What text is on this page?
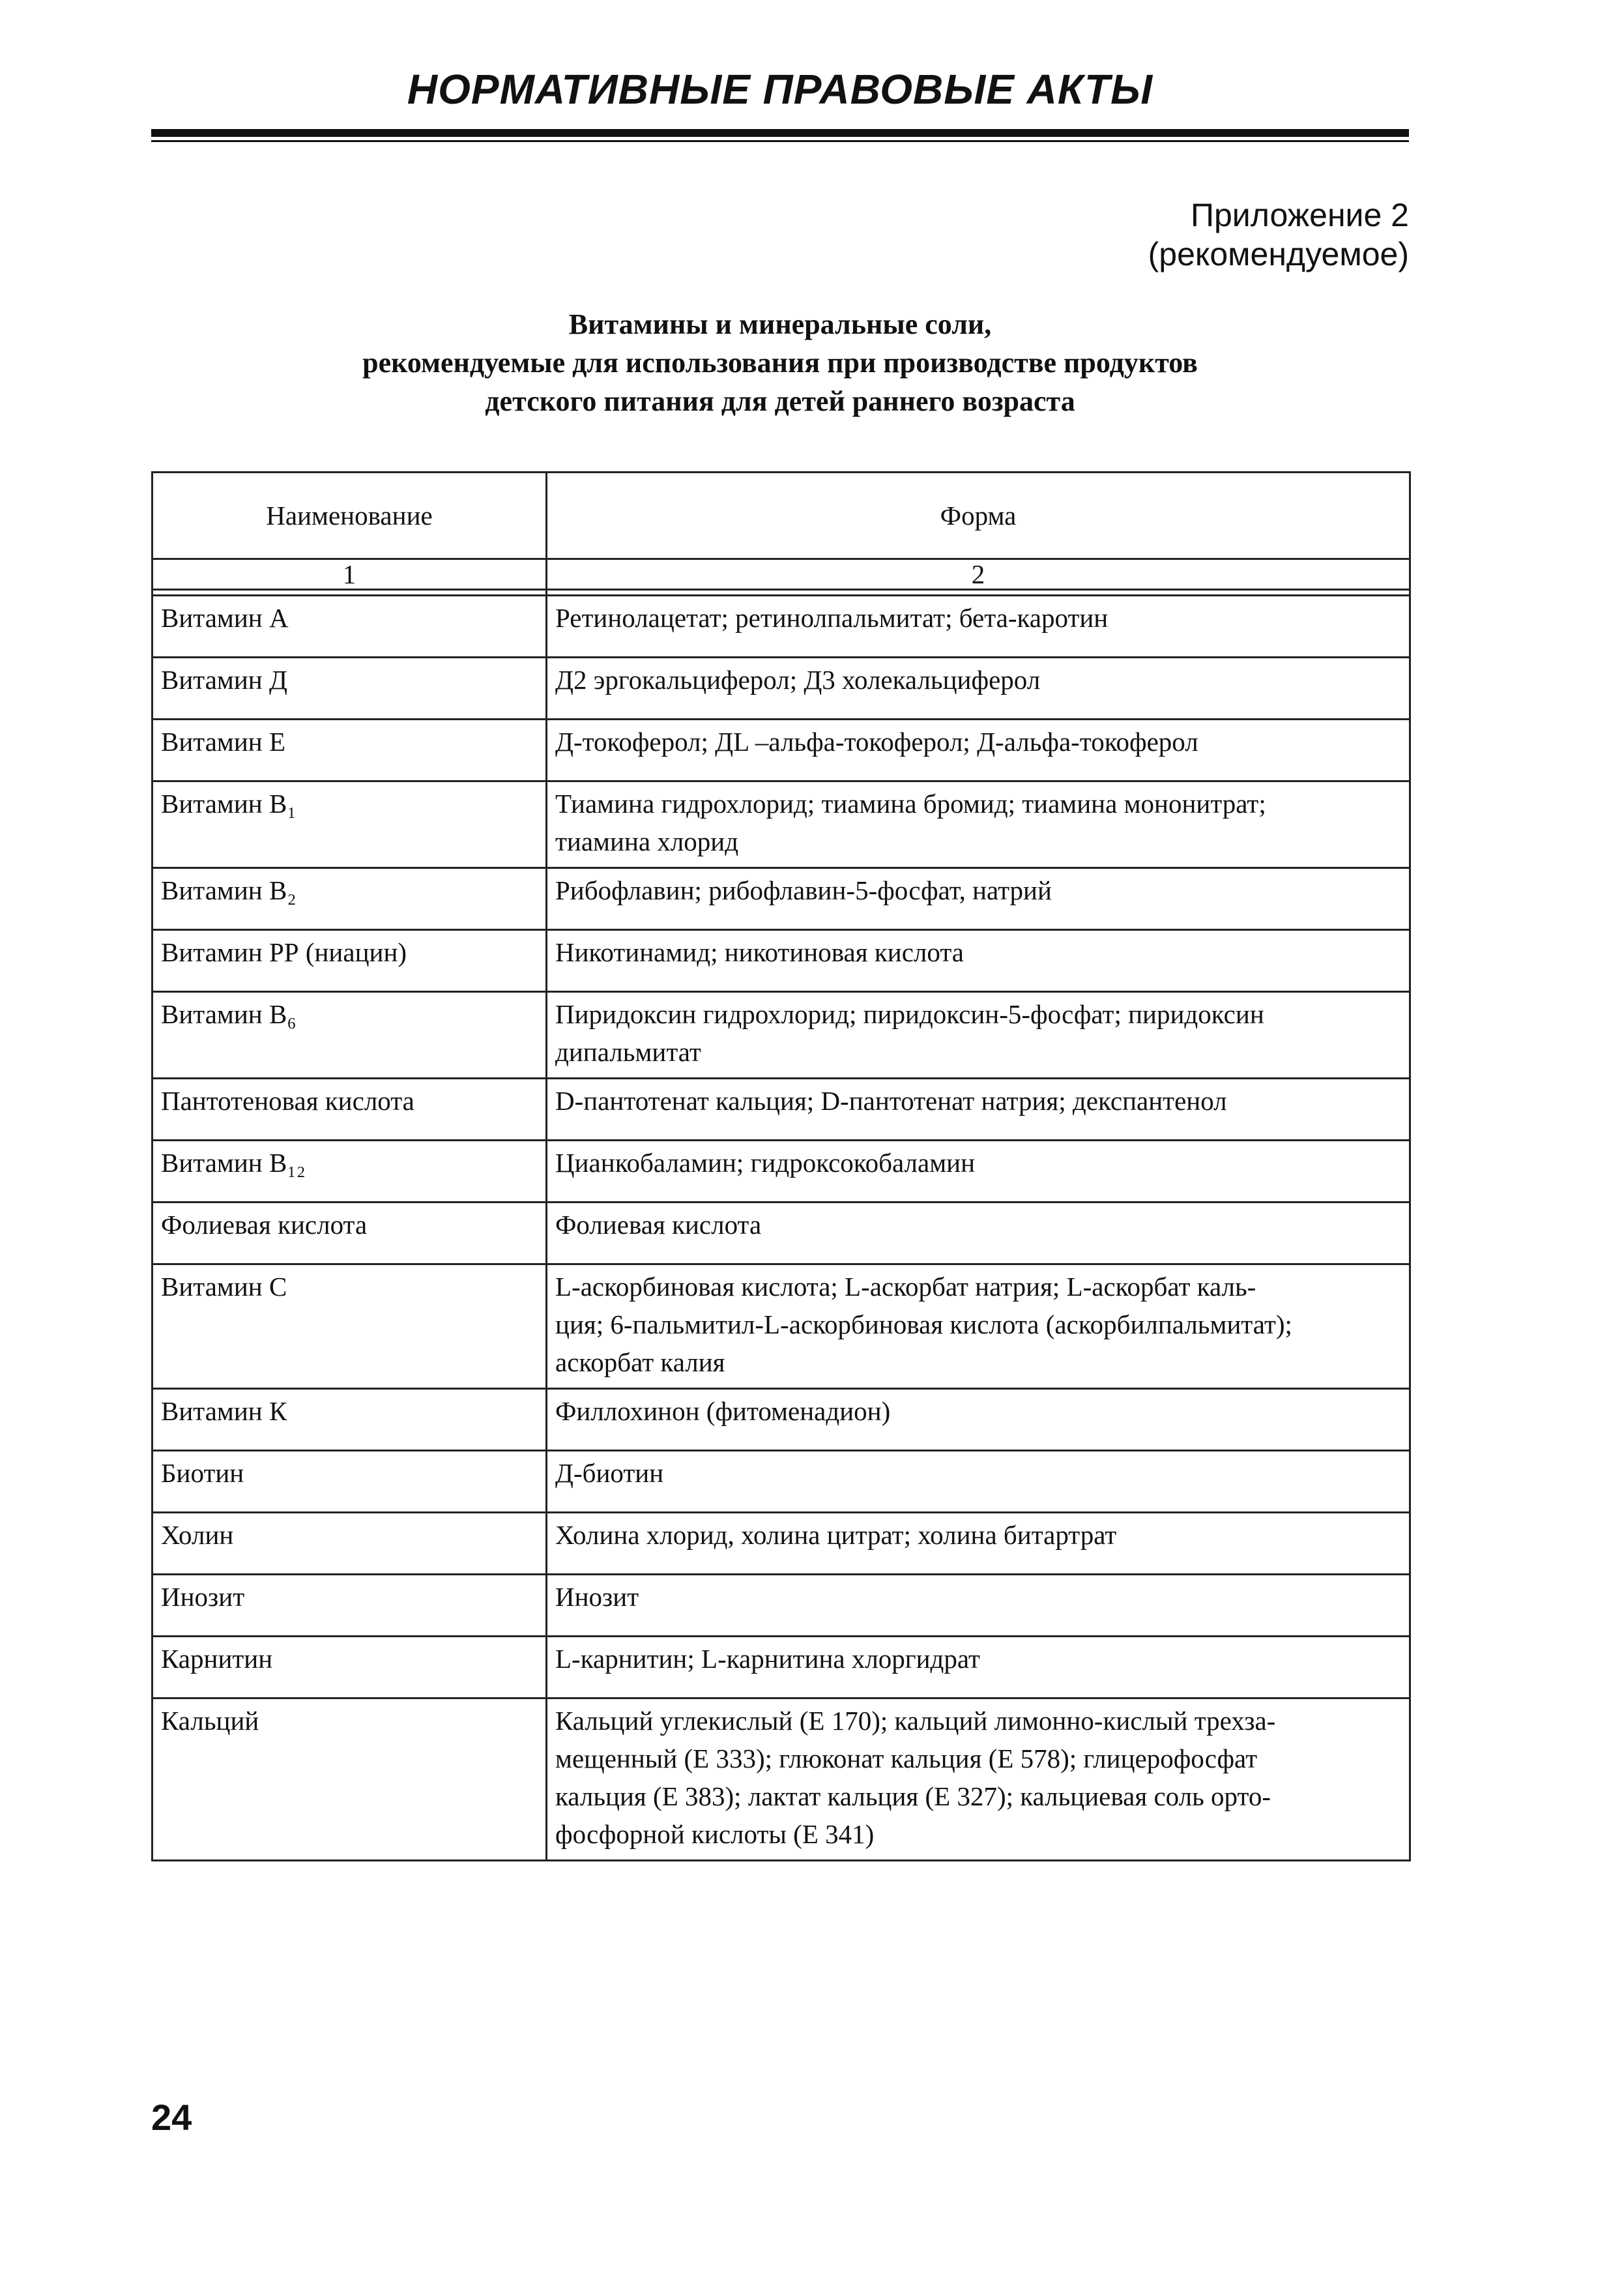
НОРМАТИВНЫЕ ПРАВОВЫЕ АКТЫ
Приложение 2
(рекомендуемое)
Витамины и минеральные соли,
рекомендуемые для использования при производстве продуктов
детского питания для детей раннего возраста
Наименование	Форма
1	2

Витамин А	Ретинолацетат; ретинолпальмитат; бета-каротин
Витамин Д	Д2 эргокальциферол; Д3 холекальциферол
Витамин Е	Д-токоферол; ДL –альфа-токоферол; Д-альфа-токоферол
Витамин В₁	Тиамина гидрохлорид; тиамина бромид; тиамина мононитрат;
тиамина хлорид
Витамин В₂	Рибофлавин; рибофлавин-5-фосфат, натрий
Витамин РР (ниацин)	Никотинамид; никотиновая кислота
Витамин В₆	Пиридоксин гидрохлорид; пиридоксин-5-фосфат; пиридоксин
дипальмитат
Пантотеновая кислота	D-пантотенат кальция; D-пантотенат натрия; декспантенол
Витамин В₁₂	Цианкобаламин; гидроксокобаламин
Фолиевая кислота	Фолиевая кислота
Витамин С	L-аскорбиновая кислота; L-аскорбат натрия; L-аскорбат каль-
ция; 6-пальмитил-L-аскорбиновая кислота (аскорбилпальмитат);
аскорбат калия
Витамин К	Филлохинон (фитоменадион)
Биотин	Д-биотин
Холин	Холина хлорид, холина цитрат; холина битартрат
Инозит	Инозит
Карнитин	L-карнитин; L-карнитина хлоргидрат
Кальций	Кальций углекислый (Е 170); кальций лимонно-кислый трехза-
мещенный (Е 333); глюконат кальция (Е 578); глицерофосфат
кальция (Е 383); лактат кальция (Е 327); кальциевая соль орто-
фосфорной кислоты (Е 341)
24
